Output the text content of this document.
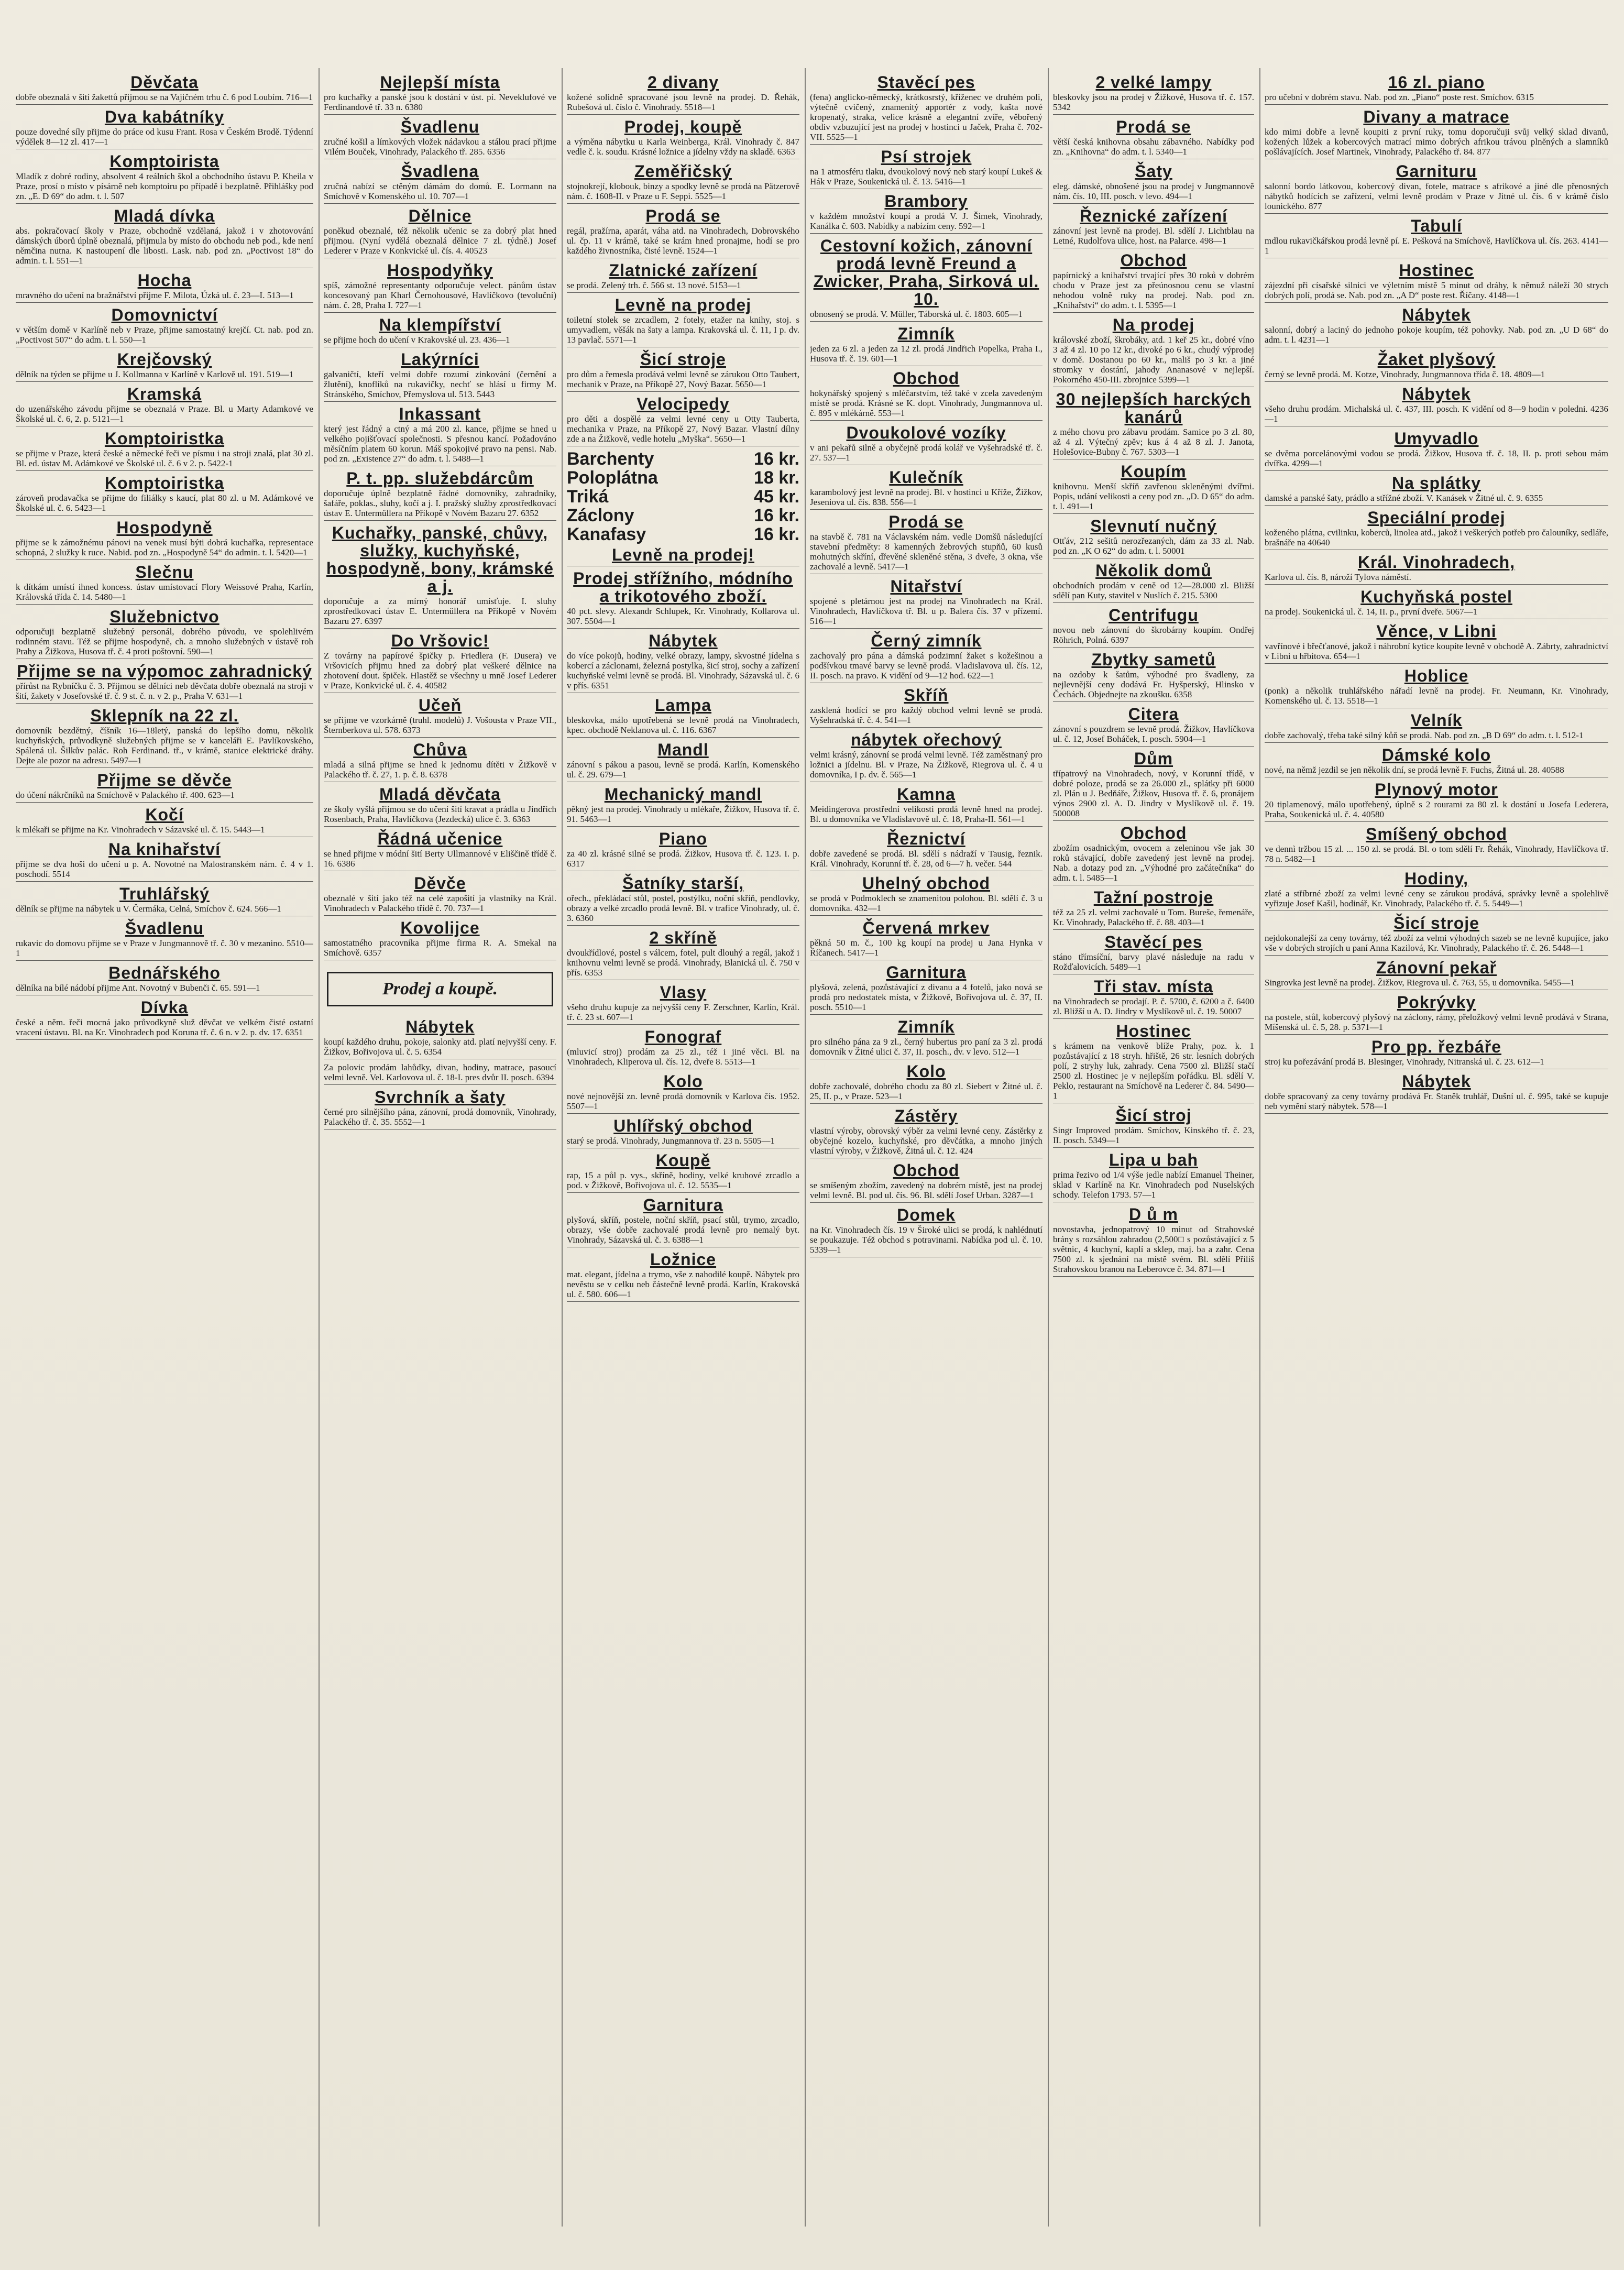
Děvčata

dobře obeznalá v šití žakettů přijmou se na Vajičném trhu č. 6 pod Loubím. 716—1

Dva kabátníky

pouze dovedné síly přijme do práce od kusu Frant. Rosa v Českém Brodě. Týdenní výdělek 8—12 zl. 417—1

Komptoirista

Mladík z dobré rodiny, absolvent 4 reálních škol a obchodního ústavu P. Kheila v Praze, prosí o místo v písárně neb komptoiru po případě i bezplatně. Přihlášky pod zn. „E. D 69“ do adm. t. l. 507

Mladá dívka

abs. pokračovací školy v Praze, obchodně vzdělaná, jakož i v zhotovování dámských úborů úplně obeznalá, přijmula by místo do obchodu neb pod., kde není němčina nutna. K nastoupení dle libosti. Lask. nab. pod zn. „Poctivost 18“ do admin. t. l. 551—1

Hocha

mravného do učení na bražnářství přijme F. Milota, Úzká ul. č. 23—I. 513—1

Domovnictví

v větším domě v Karlíně neb v Praze, přijme samostatný krejčí. Ct. nab. pod zn. „Poctivost 507“ do adm. t. l. 550—1

Krejčovský

dělník na týden se přijme u J. Kollmanna v Karlíně v Karlově ul. 191. 519—1

Kramská

do uzenářského závodu přijme se obeznalá v Praze. Bl. u Marty Adamkové ve Školské ul. č. 6, 2. p. 5121—1

Komptoiristka

se přijme v Praze, která české a německé řeči ve písmu i na stroji znalá, plat 30 zl. Bl. ed. ústav M. Adámkové ve Školské ul. č. 6 v 2. p. 5422-1

Komptoiristka

zároveň prodavačka se přijme do filiálky s kaucí, plat 80 zl. u M. Adámkové ve Školské ul. č. 6. 5423—1

Hospodyně

přijme se k zámožnému pánovi na venek musí býti dobrá kuchařka, representace schopná, 2 služky k ruce. Nabid. pod zn. „Hospodyně 54“ do admin. t. l. 5420—1

Slečnu

k dítkám umístí ihned koncess. ústav umístovací Flory Weissové Praha, Karlín, Královská třída č. 14. 5480—1

Služebnictvo

odporučuji bezplatně služebný personál, dobrého původu, ve spolehlivém rodinném stavu. Též se přijme hospodyně, ch. a mnoho služebných v ústavě roh Prahy a Žižkova, Husova tř. č. 4 proti poštovní. 590—1

Přijme se na výpomoc zahradnický

přírůst na Rybníčku č. 3. Přijmou se dělníci neb děvčata dobře obeznalá na stroji v šití, žakety v Josefovské tř. č. 9 st. č. n. v 2. p., Praha V. 631—1

Sklepník na 22 zl.

domovník bezdětný, číšník 16—18letý, panská do lepšího domu, několik kuchyňských, průvodkyně služebných přijme se v kanceláři E. Pavlíkovského, Spálená ul. Šilkův palác. Roh Ferdinand. tř., v krámě, stanice elektrické dráhy. Dejte ale pozor na adresu. 5497—1

Přijme se děvče

do účení nákrčníků na Smíchově v Palackého tř. 400. 623—1

Kočí

k mlékaři se přijme na Kr. Vinohradech v Sázavské ul. č. 15. 5443—1

Na knihařství

přijme se dva hoši do učení u p. A. Novotné na Malostranském nám. č. 4 v 1. poschodí. 5514

Truhlářský

dělník se přijme na nábytek u V. Čermáka, Celná, Smíchov č. 624. 566—1

Švadlenu

rukavic do domovu přijme se v Praze v Jungmannově tř. č. 30 v mezanino. 5510—1

Bednářského

dělníka na bílé nádobí přijme Ant. Novotný v Bubenči č. 65. 591—1

Dívka

české a něm. řeči mocná jako průvodkyně služ děvčat ve velkém čisté ostatní vracení ústavu. Bl. na Kr. Vinohradech pod Koruna tř. č. 6 n. v 2. p. dv. 17. 6351

Nejlepší místa

pro kuchařky a panské jsou k dostání v úst. pí. Neveklufové ve Ferdinandově tř. 33 n. 6380

Švadlenu

zručné košil a límkových vložek nádavkou a stálou prací přijme Vilém Bouček, Vinohrady, Palackého tř. 285. 6356

Švadlena

zručná nabízí se ctěným dámám do domů. E. Lormann na Smíchově v Komenského ul. 10. 707—1

Dělnice

poněkud obeznalé, též několik učenic se za dobrý plat hned přijmou. (Nyní vydělá obeznalá dělnice 7 zl. týdně.) Josef Lederer v Praze v Konkvické ul. čís. 4. 40523

Hospodyňky

spíš, zámožné representanty odporučuje velect. pánům ústav koncesovaný pan Kharl Černohousové, Havlíčkovo (tevoluční) nám. č. 28, Praha I. 727—1

Na klempířství

se přijme hoch do učení v Krakovské ul. 23. 436—1

Lakýrníci

galvaničtí, kteří velmi dobře rozumí zinkování (černění a žlutění), knoflíků na rukavičky, nechť se hlásí u firmy M. Stránského, Smíchov, Přemyslova ul. 513. 5443

Inkassant

který jest řádný a ctný a má 200 zl. kance, přijme se hned u velkého pojišťovací společnosti. S přesnou kancí. Požadováno měsíčním platem 60 korun. Máš spokojivé pravo na pensi. Nab. pod zn. „Existence 27“ do adm. t. l. 5488—1

P. t. pp. služebdárcům

doporučuje úplně bezplatně řádné domovníky, zahradníky, šafáře, poklas., sluhy, kočí a j. I. pražský služby zprostředkovací ústav E. Untermüllera na Příkopě v Novém Bazaru 27. 6352

Kuchařky, panské, chůvy, služky, kuchyňské, hospodyně, bony, krámské a j.

doporučuje a za mírný honorář umísťuje. I. sluhy zprostředkovací ústav E. Untermüllera na Příkopě v Novém Bazaru 27. 6397

Do Vršovic!

Z továrny na papírové špičky p. Friedlera (F. Dusera) ve Vršovicích přijmu hned za dobrý plat veškeré dělnice na zhotovení dout. špiček. Hlastěž se všechny u mně Josef Lederer v Praze, Konkvické ul. č. 4. 40582

Učeň

se přijme ve vzorkárně (truhl. modelů) J. Vošousta v Praze VII., Šternberkova ul. 578. 6373

Chůva

mladá a silná přijme se hned k jednomu dítěti v Žižkově v Palackého tř. č. 27, 1. p. č. 8. 6378

Mladá děvčata

ze školy vyšlá přijmou se do učení šití kravat a prádla u Jindřich Rosenbach, Praha, Havlíčkova (Jezdecká) ulice č. 3. 6363

Řádná učenice

se hned přijme v módní šití Berty Ullmannové v Eliščině třídě č. 16. 6386

Děvče

obeznalé v šití jako též na celé zapošití ja vlastníky na Král. Vinohradech v Palackého třídě č. 70. 737—1

Kovolijce

samostatného pracovníka přijme firma R. A. Smekal na Smíchově. 6357

Prodej a koupě.
Nábytek

koupí každého druhu, pokoje, salonky atd. platí nejvyšší ceny. F. Žižkov, Bořivojova ul. č. 5. 6354

Za polovic prodám lahůdky, divan, hodiny, matrace, pasoucí velmi levně. Vel. Karlovova ul. č. 18-I. pres dvůr II. posch. 6394

Svrchník a šaty

černé pro silnějšího pána, zánovní, prodá domovník, Vinohrady, Palackého tř. č. 35. 5552—1

2 divany

kožené solidně spracované jsou levně na prodej. D. Řehák, Rubešová ul. číslo č. Vinohrady. 5518—1

Prodej, koupě

a výměna nábytku u Karla Weinberga, Král. Vinohrady č. 847 vedle č. k. soudu. Krásné ložnice a jídelny vždy na skladě. 6363

Zeměřičský

stojnokrejí, klobouk, binzy a spodky levně se prodá na Pätzerově nám. č. 1608-II. v Praze u F. Seppi. 5525—1

Prodá se

regál, pražírna, aparát, váha atd. na Vinohradech, Dobrovského ul. čp. 11 v krámě, také se krám hned pronajme, hodí se pro každého živnostníka, čisté levně. 1524—1

Zlatnické zařízení

se prodá. Zelený trh. č. 566 st. 13 nové. 5153—1

Levně na prodej

toiletní stolek se zrcadlem, 2 fotely, etažer na knihy, stoj. s umyvadlem, věšák na šaty a lampa. Krakovská ul. č. 11, I p. dv. 13 pavlač. 5571—1

Šicí stroje

pro dům a řemesla prodává velmi levně se zárukou Otto Taubert, mechanik v Praze, na Příkopě 27, Nový Bazar. 5650—1

Velocipedy

pro děti a dospělé za velmi levné ceny u Otty Tauberta, mechanika v Praze, na Příkopě 27, Nový Bazar. Vlastní dílny zde a na Žižkově, vedle hotelu „Myška“. 5650—1

Barchenty	16 kr.
Poloplátna	18 kr.
Triká	45 kr.
Záclony	16 kr.
Kanafasy	16 kr.
Levně na prodej!
Prodej střížního, módního a trikotového zboží.

40 pct. slevy. Alexandr Schlupek, Kr. Vinohrady, Kollarova ul. 307. 5504—1

Nábytek

do více pokojů, hodiny, velké obrazy, lampy, skvostné jídelna s kobercí a záclonami, železná postylka, šicí stroj, sochy a zařízení kuchyňské velmi levně se prodá. Bl. Vinohrady, Sázavská ul. č. 6 v přís. 6351

Lampa

bleskovka, málo upotřebená se levně prodá na Vinohradech, kpec. obchodě Neklanova ul. č. 116. 6367

Mandl

zánovní s pákou a pasou, levně se prodá. Karlín, Komenského ul. č. 29. 679—1

Mechanický mandl

pěkný jest na prodej. Vinohrady u mlékaře, Žižkov, Husova tř. č. 91. 5463—1

Piano

za 40 zl. krásné silné se prodá. Žižkov, Husova tř. č. 123. I. p. 6317

Šatníky starší,

ořech., překládací stůl, postel, postýlku, noční skříň, pendlovky, obrazy a velké zrcadlo prodá levně. Bl. v trafice Vinohrady, ul. č. 3. 6360

2 skříně

dvoukřídlové, postel s válcem, fotel, pult dlouhý a regál, jakož i knihovnu velmi levně se prodá. Vinohrady, Blanická ul. č. 750 v přís. 6353

Vlasy

všeho druhu kupuje za nejvyšší ceny F. Zerschner, Karlín, Král. tř. č. 23 st. 607—1

Fonograf

(mluvicí stroj) prodám za 25 zl., též i jiné věci. Bl. na Vinohradech, Kliperova ul. čís. 12, dveře 8. 5513—1

Kolo

nové nejnovější zn. levně prodá domovník v Karlova čís. 1952. 5507—1

Uhlířský obchod

starý se prodá. Vinohrady, Jungmannova tř. 23 n. 5505—1

Koupě

rap, 15 a půl p. vys., skříně, hodiny, velké kruhové zrcadlo a pod. v Žižkově, Bořivojova ul. č. 12. 5535—1

Garnitura

plyšová, skříň, postele, noční skříň, psací stůl, trymo, zrcadlo, obrazy, vše dobře zachovalé prodá levně pro nemalý byt. Vinohrady, Sázavská ul. č. 3. 6388—1

Ložnice

mat. elegant, jídelna a trymo, vše z nahodilé koupě. Nábytek pro nevěstu se v celku neb částečně levně prodá. Karlín, Krakovská ul. č. 580. 606—1

Stavěcí pes

(fena) anglicko-německý, krátkosrstý, kříženec ve druhém poli, výtečně cvičený, znamenitý apportér z vody, kašta nové kropenatý, straka, velice krásně a elegantní zvíře, věbořený obdiv vzbuzující jest na prodej v hostinci u Jaček, Praha č. 702-VII. 5525—1

Psí strojek

na 1 atmosféru tlaku, dvoukolový nový neb starý koupí Lukeš & Hák v Praze, Soukenická ul. č. 13. 5416—1

Brambory

v každém množství koupí a prodá V. J. Šimek, Vinohrady, Kanálka č. 603. Nabídky a nabízím ceny. 592—1

Cestovní kožich, zánovní prodá levně Freund a Zwicker, Praha, Sirková ul. 10.

obnosený se prodá. V. Müller, Táborská ul. č. 1803. 605—1

Zimník

jeden za 6 zl. a jeden za 12 zl. prodá Jindřich Popelka, Praha I., Husova tř. č. 19. 601—1

Obchod

hokynářský spojený s mléčarstvím, též také v zcela zavedeným místě se prodá. Krásné se K. dopt. Vinohrady, Jungmannova ul. č. 895 v mlékárně. 553—1

Dvoukolové vozíky

v ani pekařů silně a obyčejně prodá kolář ve Vyšehradské tř. č. 27. 537—1

Kulečník

karambolový jest levně na prodej. Bl. v hostinci u Kříže, Žižkov, Jeseniova ul. čís. 838. 556—1

Prodá se

na stavbě č. 781 na Václavském nám. vedle Domšů následující stavební předměty: 8 kamenných žebrových stupňů, 60 kusů mohutných skříní, dřevěné skleněné stěna, 3 dveře, 3 okna, vše zachovalé a levně. 5417—1

Nitařství

spojené s pletárnou jest na prodej na Vinohradech na Král. Vinohradech, Havlíčkova tř. Bl. u p. Balera čís. 37 v přízemí. 516—1

Černý zimník

zachovalý pro pána a dámská podzimní žaket s kožešinou a podšívkou tmavé barvy se levně prodá. Vladislavova ul. čís. 12, II. posch. na pravo. K vidění od 9—12 hod. 622—1

Skříň

zasklená hodící se pro každý obchod velmi levně se prodá. Vyšehradská tř. č. 4. 541—1

nábytek ořechový

velmi krásný, zánovní se prodá velmi levně. Též zaměstnaný pro ložnici a jídelnu. Bl. v Praze, Na Žižkově, Riegrova ul. č. 4 u domovníka, I p. dv. č. 565—1

Kamna

Meidingerova prostřední velikosti prodá levně hned na prodej. Bl. u domovníka ve Vladislavově ul. č. 18, Praha-II. 561—1

Řeznictví

dobře zavedené se prodá. Bl. sdělí s nádraží v Tausig, řeznik. Král. Vinohrady, Korunní tř. č. 28, od 6—7 h. večer. 544

Uhelný obchod

se prodá v Podmoklech se znamenitou polohou. Bl. sdělí č. 3 u domovníka. 432—1

Červená mrkev

pěkná 50 m. č., 100 kg koupí na prodej u Jana Hynka v Říčanech. 5417—1

Garnitura

plyšová, zelená, pozůstávající z divanu a 4 fotelů, jako nová se prodá pro nedostatek místa, v Žižkově, Bořivojova ul. č. 37, II. posch. 5510—1

Zimník

pro silného pána za 9 zl., černý hubertus pro paní za 3 zl. prodá domovník v Žitné ulici č. 37, II. posch., dv. v levo. 512—1

Kolo

dobře zachovalé, dobrého chodu za 80 zl. Siebert v Žitné ul. č. 25, II. p., v Praze. 523—1

Zástěry

vlastní výroby, obrovský výběr za velmi levné ceny. Zástěrky z obyčejné kozelo, kuchyňské, pro děvčátka, a mnoho jiných vlastní výroby, v Žižkově, Žitná ul. č. 12. 424

Obchod

se smíšeným zbožím, zavedený na dobrém místě, jest na prodej velmi levně. Bl. pod ul. čís. 96. Bl. sdělí Josef Urban. 3287—1

Domek

na Kr. Vinohradech čís. 19 v Široké ulici se prodá, k nahlédnutí se poukazuje. Též obchod s potravinami. Nabídka pod ul. č. 10. 5339—1

2 velké lampy

bleskovky jsou na prodej v Žižkově, Husova tř. č. 157. 5342

Prodá se

větší česká knihovna obsahu zábavného. Nabídky pod zn. „Knihovna“ do adm. t. l. 5340—1

Šaty

eleg. dámské, obnošené jsou na prodej v Jungmannově nám. čís. 10, III. posch. v levo. 494—1

Řeznické zařízení

zánovní jest levně na prodej. Bl. sdělí J. Lichtblau na Letné, Rudolfova ulice, host. na Palarce. 498—1

Obchod

papírnický a knihařství trvající přes 30 roků v dobrém chodu v Praze jest za přeúnosnou cenu se vlastní nehodou volně ruky na prodej. Nab. pod zn. „Knihařství“ do adm. t. l. 5395—1

Na prodej

královské zboží, škrobáky, atd. 1 keř 25 kr., dobré víno 3 až 4 zl. 10 po 12 kr., divoké po 6 kr., chudý výprodej v domě. Dostanou po 60 kr., mališ po 3 kr. a jiné stromky v dostání, jahody Ananasové v nejlepší. Pokorného 450-III. zbrojnice 5399—1

30 nejlepších harckých kanárů

z mého chovu pro zábavu prodám. Samice po 3 zl. 80, až 4 zl. Výtečný zpěv; kus á 4 až 8 zl. J. Janota, Holešovice-Bubny č. 767. 5303—1

Koupím

knihovnu. Menší skříň zavřenou skleněnými dvířmi. Popis, udání velikosti a ceny pod zn. „D. D 65“ do adm. t. l. 491—1

Slevnutí nučný

Otťáv, 212 sešitů nerozřezaných, dám za 33 zl. Nab. pod zn. „K O 62“ do adm. t. l. 50001

Několik domů

obchodních prodám v ceně od 12—28.000 zl. Bližší sdělí pan Kuty, stavitel v Nuslích č. 215. 5300

Centrifugu

novou neb zánovní do škrobárny koupím. Ondřej Röhrich, Polná. 6397

Zbytky sametů

na ozdoby k šatům, výhodné pro švadleny, za nejlevnější ceny dodává Fr. Hyšperský, Hlinsko v Čechách. Objednejte na zkoušku. 6358

Citera

zánovní s pouzdrem se levně prodá. Žižkov, Havlíčkova ul. č. 12, Josef Boháček, I. posch. 5904—1

Dům

třípatrový na Vinohradech, nový, v Korunní třídě, v dobré poloze, prodá se za 26.000 zl., splátky při 6000 zl. Plán u J. Bedňáře, Žižkov, Husova tř. č. 6, pronájem výnos 2900 zl. A. D. Jindry v Myslíkově ul. č. 19. 500008

Obchod

zbožím osadnickým, ovocem a zeleninou vše jak 30 roků stávající, dobře zavedený jest levně na prodej. Nab. a dotazy pod zn. „Výhodné pro začátečníka“ do adm. t. l. 5485—1

Tažní postroje

též za 25 zl. velmi zachovalé u Tom. Bureše, řemenáře, Kr. Vinohrady, Palackého tř. č. 88. 403—1

Stavěcí pes

stáno třímsíční, barvy plavé následuje na radu v Rožďalovicích. 5489—1

Tři stav. místa

na Vinohradech se prodají. P. č. 5700, č. 6200 a č. 6400 zl. Bližší u A. D. Jindry v Myslíkově ul. č. 19. 50007

Hostinec

s krámem na venkově blíže Prahy, poz. k. 1 pozůstávající z 18 stryh. hřiště, 26 str. lesních dobrých polí, 2 stryhy luk, zahrady. Cena 7500 zl. Bližší stačí 2500 zl. Hostinec je v nejlepším pořádku. Bl. sdělí V. Peklo, restaurant na Smíchově na Lederer č. 84. 5490—1

Šicí stroj

Singr Improved prodám. Smíchov, Kinského tř. č. 23, II. posch. 5349—1

Lipa u bah

prima řezivo od 1/4 výše jedle nabízí Emanuel Theiner, sklad v Karlíně na Kr. Vinohradech pod Nuselských schody. Telefon 1793. 57—1

D ů m

novostavba, jednopatrový 10 minut od Strahovské brány s rozsáhlou zahradou (2,500□ s pozůstávající z 5 světnic, 4 kuchyní, kaplí a sklep, maj. ba a zahr. Cena 7500 zl. k sjednání na místě svém. Bl. sdělí Příliš Strahovskou branou na Leberovce č. 34. 871—1

16 zl. piano

pro učební v dobrém stavu. Nab. pod zn. „Piano“ poste rest. Smíchov. 6315

Divany a matrace

kdo mimi dobře a levně koupiti z první ruky, tomu doporučuji svůj velký sklad divanů, kožených lůžek a kobercových matrací mimo dobrých afrikou trávou plněných a slamníků pošlávajících. Josef Martinek, Vinohrady, Palackého tř. 84. 877

Garnituru

salonní bordo látkovou, kobercový divan, fotele, matrace s afrikové a jiné dle přenosných nábytků hodících se zařízení, velmi levně prodám v Praze v Jitné ul. čís. 6 v krámě číslo lounického. 877

Tabulí

mdlou rukavičkářskou prodá levně pí. E. Pešková na Smíchově, Havlíčkova ul. čís. 263. 4141—1

Hostinec

zájezdní při císařské silnici ve výletním místě 5 minut od dráhy, k němuž náleží 30 strych dobrých polí, prodá se. Nab. pod zn. „A D“ poste rest. Říčany. 4148—1

Nábytek

salonní, dobrý a laciný do jednoho pokoje koupím, též pohovky. Nab. pod zn. „U D 68“ do adm. t. l. 4231—1

Žaket plyšový

černý se levně prodá. M. Kotze, Vinohrady, Jungmannova třída č. 18. 4809—1

Nábytek

všeho druhu prodám. Michalská ul. č. 437, III. posch. K vidění od 8—9 hodin v poledni. 4236—1

Umyvadlo

se dvěma porcelánovými vodou se prodá. Žižkov, Husova tř. č. 18, II. p. proti sebou mám dvířka. 4299—1

Na splátky

damské a panské šaty, prádlo a střížné zboží. V. Kanásek v Žitné ul. č. 9. 6355

Speciální prodej

koženého plátna, cvilinku, koberců, linolea atd., jakož i veškerých potřeb pro čalouníky, sedláře, brašnáře na 40640

Král. Vinohradech,

Karlova ul. čís. 8, nároží Tylova náměstí.

Kuchyňská postel

na prodej. Soukenická ul. č. 14, II. p., první dveře. 5067—1

Věnce, v Libni

vavřínové i břečťanové, jakož i náhrobní kytice koupíte levně v obchodě A. Zábrty, zahradnictví v Libni u hřbitova. 654—1

Hoblice

(ponk) a několik truhlářského nářadí levně na prodej. Fr. Neumann, Kr. Vinohrady, Komenského ul. č. 13. 5518—1

Velník

dobře zachovalý, třeba také silný kůň se prodá. Nab. pod zn. „B D 69“ do adm. t. l. 512-1

Dámské kolo

nové, na němž jezdil se jen několik dní, se prodá levně F. Fuchs, Žitná ul. 28. 40588

Plynový motor

20 tiplamenový, málo upotřebený, úplně s 2 rourami za 80 zl. k dostání u Josefa Lederera, Praha, Soukenická ul. č. 4. 40580

Smíšený obchod

ve dennì tržbou 15 zl. ... 150 zl. se prodá. Bl. o tom sdělí Fr. Řehák, Vinohrady, Havlíčkova tř. 78 n. 5482—1

Hodiny,

zlaté a stříbrné zboží za velmi levné ceny se zárukou prodává, správky levně a spolehlivě vyřizuje Josef Kašil, hodinář, Kr. Vinohrady, Palackého tř. č. 5. 5449—1

Šicí stroje

nejdokonalejší za ceny továrny, též zboží za velmi výhodných sazeb se ne levně kupujíce, jako vše v dobrých strojích u paní Anna Kazilová, Kr. Vinohrady, Palackého tř. č. 26. 5448—1

Zánovní pekař

Singrovka jest levně na prodej. Žižkov, Riegrova ul. č. 763, 55, u domovníka. 5455—1

Pokrývky

na postele, stůl, kobercový plyšový na záclony, rámy, přeložkový velmi levně prodává v Strana, Míšenská ul. č. 5, 28. p. 5371—1

Pro pp. řezbáře

stroj ku pořezávání prodá B. Blesinger, Vinohrady, Nitranská ul. č. 23. 612—1

Nábytek

dobře spracovaný za ceny továrny prodává Fr. Staněk truhlář, Dušní ul. č. 995, také se kupuje neb vymění starý nábytek. 578—1
